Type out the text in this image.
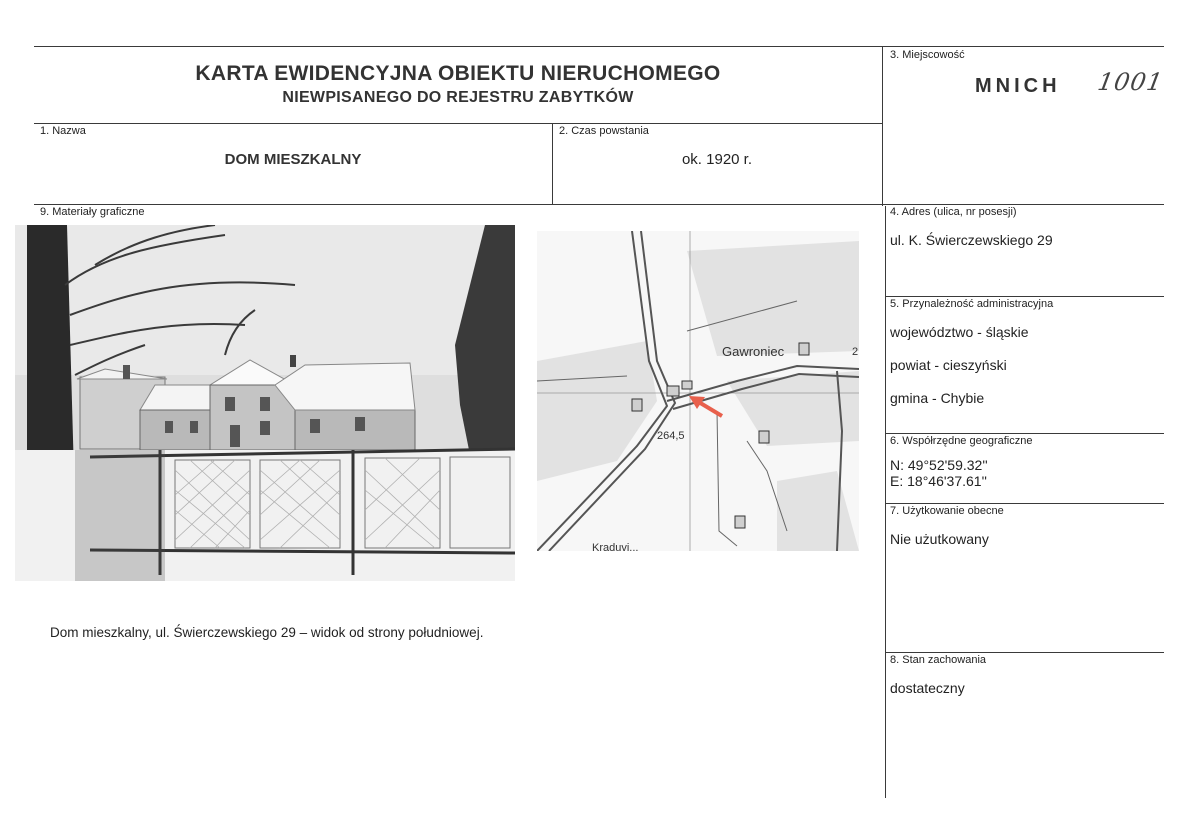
KARTA EWIDENCYJNA OBIEKTU NIERUCHOMEGO
NIEWPISANEGO DO REJESTRU ZABYTKÓW
3. Miejscowość
MNICH 1001
1. Nazwa
DOM MIESZKALNY
2. Czas powstania
ok. 1920 r.
9. Materiały graficzne	4. Adres (ulica, nr posesji)
ul. K. Świerczewskiego 29
5. Przynależność administracyjna
województwo - śląskie
powiat - cieszyński
gmina - Chybie
6. Współrzędne geograficzne
N: 49°52'59.32''
E: 18°46'37.61''
7. Użytkowanie obecne
Nie użutkowany
8. Stan zachowania
dostateczny
Dom mieszkalny, ul. Świerczewskiego 29 – widok od strony południowej.
Gawroniec
264,5
2
Kraduvi...
